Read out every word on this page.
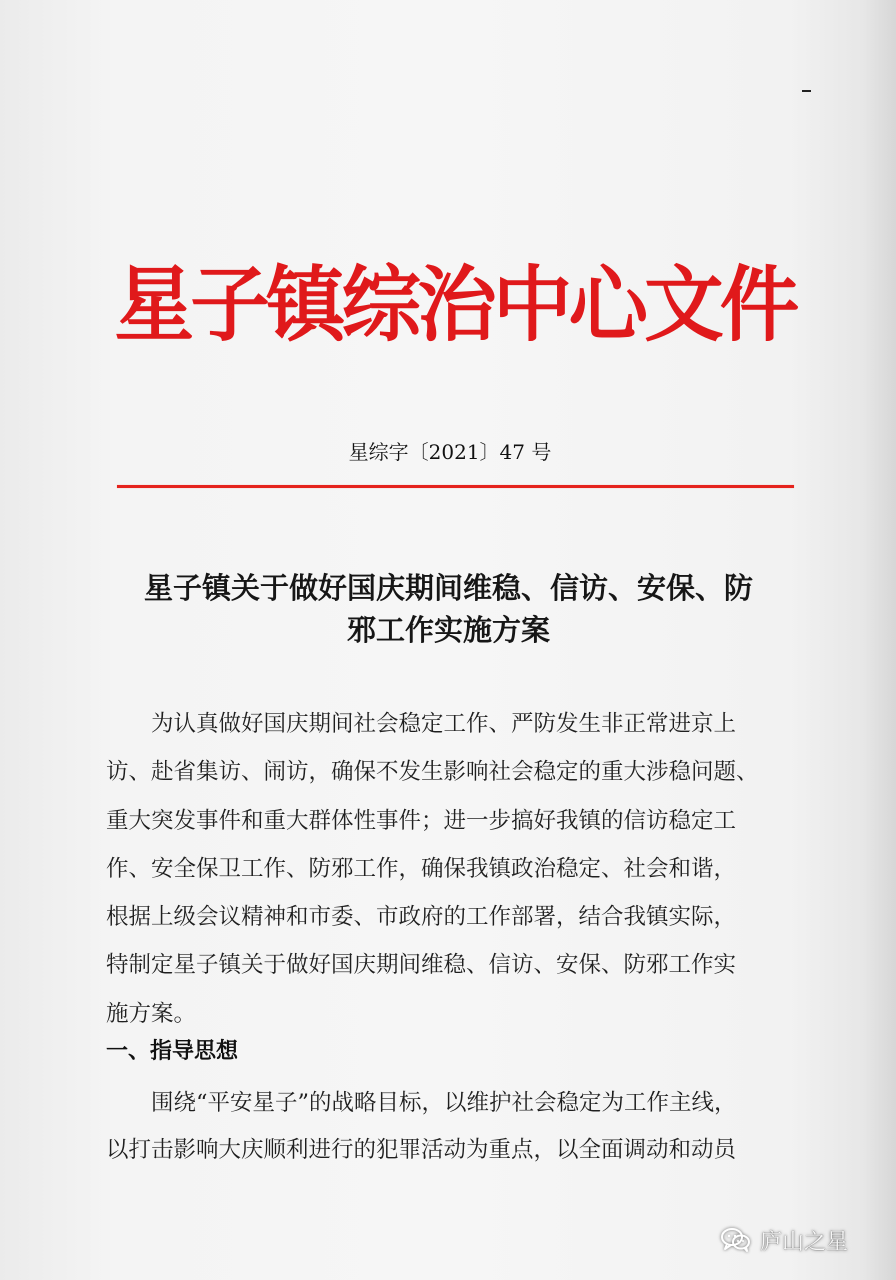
星子镇综治中心文件
星综字〔2021〕47 号
星子镇关于做好国庆期间维稳、信访、安保、防
邪工作实施方案
　　为认真做好国庆期间社会稳定工作、严防发生非正常进京上
访、赴省集访、闹访，确保不发生影响社会稳定的重大涉稳问题、
重大突发事件和重大群体性事件；进一步搞好我镇的信访稳定工
作、安全保卫工作、防邪工作，确保我镇政治稳定、社会和谐，
根据上级会议精神和市委、市政府的工作部署，结合我镇实际，
特制定星子镇关于做好国庆期间维稳、信访、安保、防邪工作实
施方案。
一、指导思想
　　围绕“平安星子”的战略目标，以维护社会稳定为工作主线，
以打击影响大庆顺利进行的犯罪活动为重点，以全面调动和动员
庐山之星
